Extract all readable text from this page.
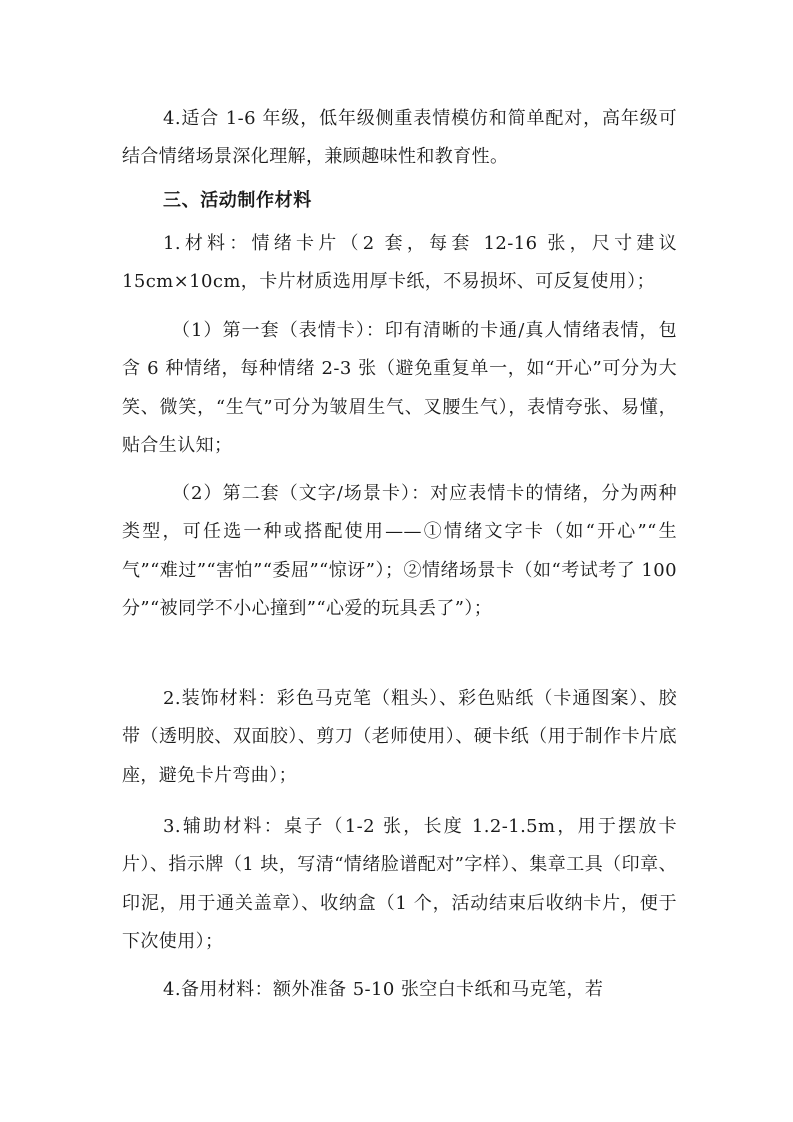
4.适合 1-6 年级，低年级侧重表情模仿和简单配对，高年级可结合情绪场景深化理解，兼顾趣味性和教育性。

三、活动制作材料

1.材料：情绪卡片（2 套，每套 12-16 张，尺寸建议 15cm×10cm，卡片材质选用厚卡纸，不易损坏、可反复使用）；

（1）第一套（表情卡）：印有清晰的卡通/真人情绪表情，包含 6 种情绪，每种情绪 2-3 张（避免重复单一，如“开心”可分为大笑、微笑，“生气”可分为皱眉生气、叉腰生气），表情夸张、易懂，贴合生认知；

（2）第二套（文字/场景卡）：对应表情卡的情绪，分为两种类型，可任选一种或搭配使用——①情绪文字卡（如“开心”“生气”“难过”“害怕”“委屈”“惊讶”）；②情绪场景卡（如“考试考了 100 分”“被同学不小心撞到”“心爱的玩具丢了”）；

2.装饰材料：彩色马克笔（粗头）、彩色贴纸（卡通图案）、胶带（透明胶、双面胶）、剪刀（老师使用）、硬卡纸（用于制作卡片底座，避免卡片弯曲）；

3.辅助材料：桌子（1-2 张，长度 1.2-1.5m，用于摆放卡片）、指示牌（1 块，写清“情绪脸谱配对”字样）、集章工具（印章、印泥，用于通关盖章）、收纳盒（1 个，活动结束后收纳卡片，便于下次使用）；

4.备用材料：额外准备 5-10 张空白卡纸和马克笔，若
